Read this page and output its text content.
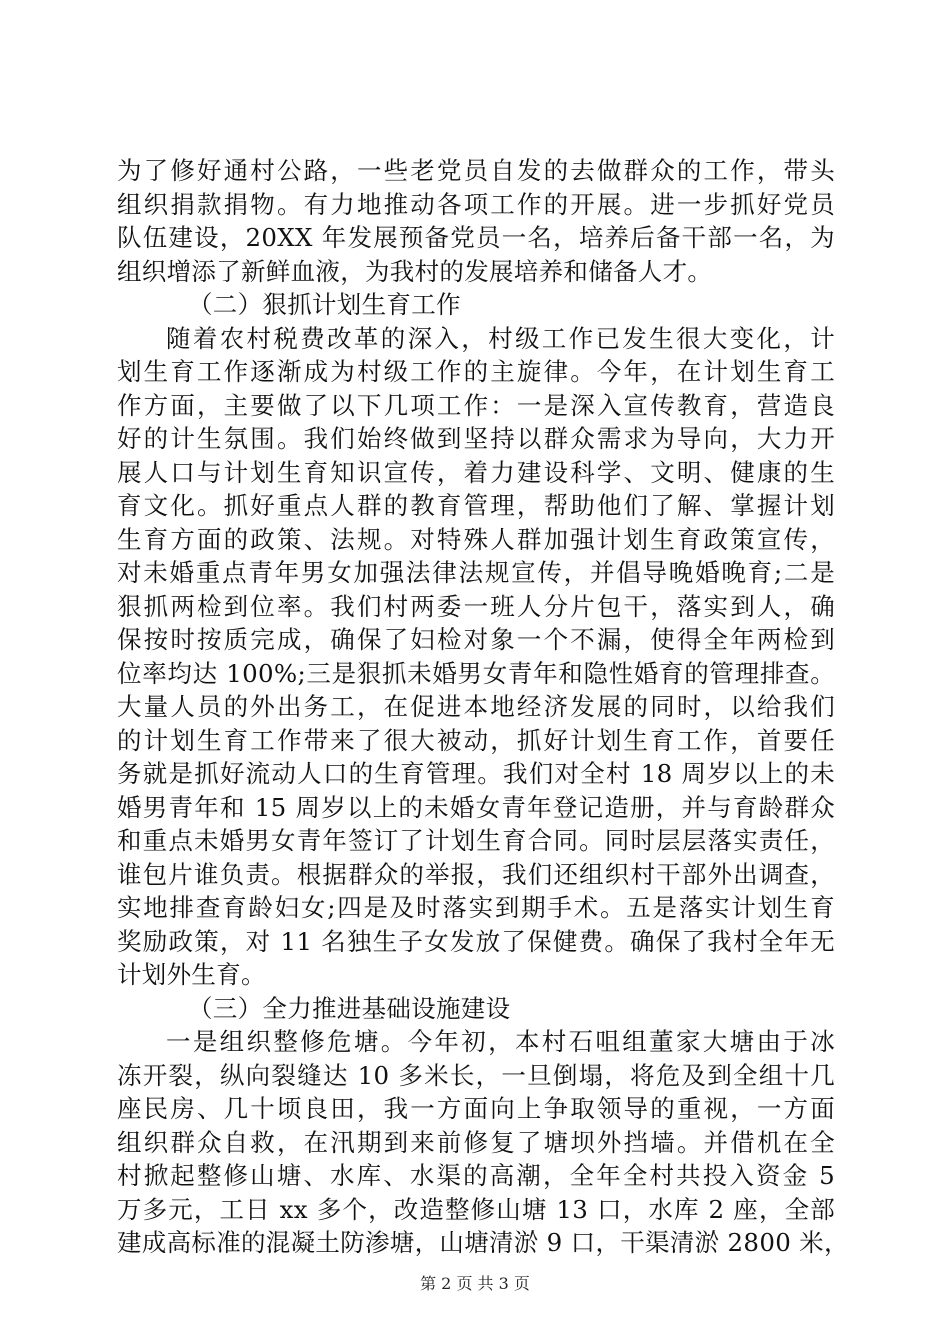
为了修好通村公路，一些老党员自发的去做群众的工作，带头
组织捐款捐物。有力地推动各项工作的开展。进一步抓好党员
队伍建设，20XX 年发展预备党员一名，培养后备干部一名，为
组织增添了新鲜血液，为我村的发展培养和储备人才。
（二）狠抓计划生育工作
随着农村税费改革的深入，村级工作已发生很大变化，计
划生育工作逐渐成为村级工作的主旋律。今年，在计划生育工
作方面，主要做了以下几项工作：一是深入宣传教育，营造良
好的计生氛围。我们始终做到坚持以群众需求为导向，大力开
展人口与计划生育知识宣传，着力建设科学、文明、健康的生
育文化。抓好重点人群的教育管理，帮助他们了解、掌握计划
生育方面的政策、法规。对特殊人群加强计划生育政策宣传，
对未婚重点青年男女加强法律法规宣传，并倡导晚婚晚育;二是
狠抓两检到位率。我们村两委一班人分片包干，落实到人，确
保按时按质完成，确保了妇检对象一个不漏，使得全年两检到
位率均达 100%;三是狠抓未婚男女青年和隐性婚育的管理排查。
大量人员的外出务工，在促进本地经济发展的同时，以给我们
的计划生育工作带来了很大被动，抓好计划生育工作，首要任
务就是抓好流动人口的生育管理。我们对全村 18 周岁以上的未
婚男青年和 15 周岁以上的未婚女青年登记造册，并与育龄群众
和重点未婚男女青年签订了计划生育合同。同时层层落实责任，
谁包片谁负责。根据群众的举报，我们还组织村干部外出调查，
实地排查育龄妇女;四是及时落实到期手术。五是落实计划生育
奖励政策，对 11 名独生子女发放了保健费。确保了我村全年无
计划外生育。
（三）全力推进基础设施建设
一是组织整修危塘。今年初，本村石咀组董家大塘由于冰
冻开裂，纵向裂缝达 10 多米长，一旦倒塌，将危及到全组十几
座民房、几十顷良田，我一方面向上争取领导的重视，一方面
组织群众自救，在汛期到来前修复了塘坝外挡墙。并借机在全
村掀起整修山塘、水库、水渠的高潮，全年全村共投入资金 5
万多元，工日 xx 多个，改造整修山塘 13 口，水库 2 座，全部
建成高标准的混凝土防渗塘，山塘清淤 9 口，干渠清淤 2800 米，
第 2 页 共 3 页
